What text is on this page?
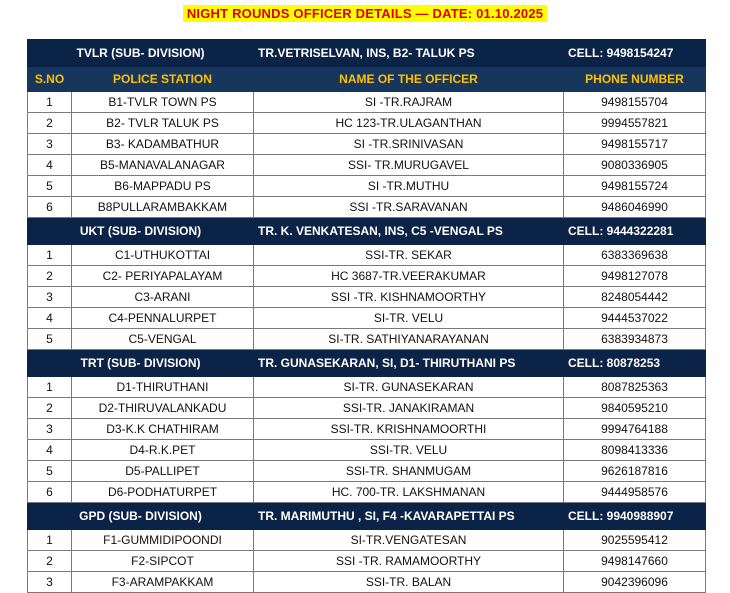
NIGHT ROUNDS OFFICER DETAILS — DATE: 01.10.2025
TVLR (SUB- DIVISION)		TR.VETRISELVAN, INS, B2- TALUK PS	CELL: 9498154247
S.NO	POLICE STATION	NAME OF THE OFFICER	PHONE NUMBER
1	B1-TVLR TOWN PS	SI -TR.RAJRAM	9498155704
2	B2- TVLR TALUK PS	HC 123-TR.ULAGANTHAN	9994557821
3	B3- KADAMBATHUR	SI -TR.SRINIVASAN	9498155717
4	B5-MANAVALANAGAR	SSI- TR.MURUGAVEL	9080336905
5	B6-MAPPADU PS	SI -TR.MUTHU	9498155724
6	B8PULLARAMBAKKAM	SSI -TR.SARAVANAN	9486046990
UKT (SUB- DIVISION)		TR. K. VENKATESAN, INS, C5 -VENGAL PS	CELL: 9444322281
1	C1-UTHUKOTTAI	SSI-TR. SEKAR	6383369638
2	C2- PERIYAPALAYAM	HC 3687-TR.VEERAKUMAR	9498127078
3	C3-ARANI	SSI -TR. KISHNAMOORTHY	8248054442
4	C4-PENNALURPET	SI-TR. VELU	9444537022
5	C5-VENGAL	SI-TR. SATHIYANARAYANAN	6383934873
TRT (SUB- DIVISION)		TR. GUNASEKARAN, SI, D1- THIRUTHANI PS	CELL: 80878253
1	D1-THIRUTHANI	SI-TR. GUNASEKARAN	8087825363
2	D2-THIRUVALANKADU	SSI-TR. JANAKIRAMAN	9840595210
3	D3-K.K CHATHIRAM	SSI-TR. KRISHNAMOORTHI	9994764188
4	D4-R.K.PET	SSI-TR. VELU	8098413336
5	D5-PALLIPET	SSI-TR. SHANMUGAM	9626187816
6	D6-PODHATURPET	HC. 700-TR. LAKSHMANAN	9444958576
GPD (SUB- DIVISION)		TR. MARIMUTHU , SI, F4 -KAVARAPETTAI PS	CELL: 9940988907
1	F1-GUMMIDIPOONDI	SI-TR.VENGATESAN	9025595412
2	F2-SIPCOT	SSI -TR. RAMAMOORTHY	9498147660
3	F3-ARAMPAKKAM	SSI-TR. BALAN	9042396096
